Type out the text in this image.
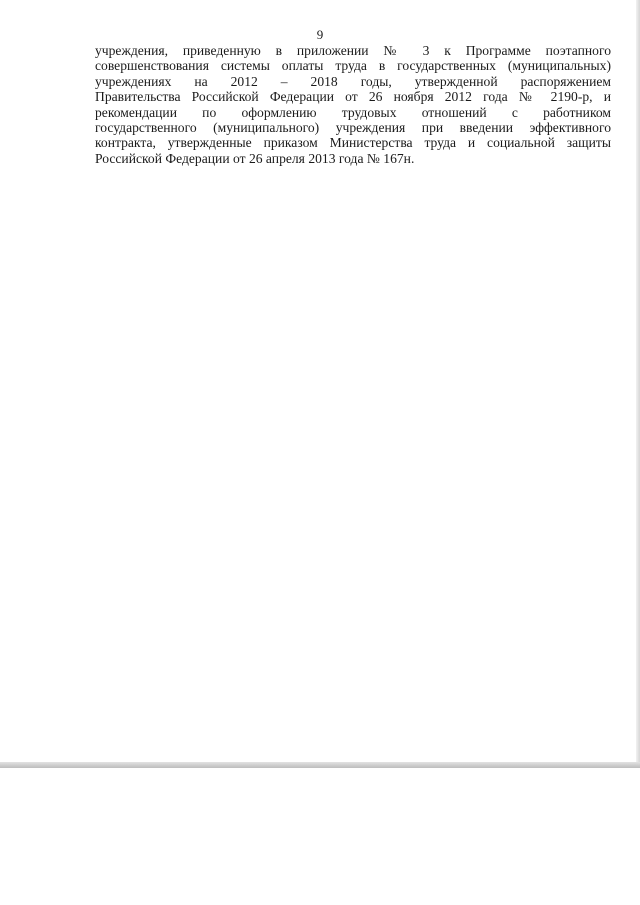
9

учреждения, приведенную в приложении № 3 к Программе поэтапного
совершенствования системы оплаты труда в государственных (муниципальных)
учреждениях на 2012 – 2018 годы, утвержденной распоряжением
Правительства Российской Федерации от 26 ноября 2012 года № 2190-р, и
рекомендации по оформлению трудовых отношений с работником
государственного (муниципального) учреждения при введении эффективного
контракта, утвержденные приказом Министерства труда и социальной защиты
Российской Федерации от 26 апреля 2013 года № 167н.
